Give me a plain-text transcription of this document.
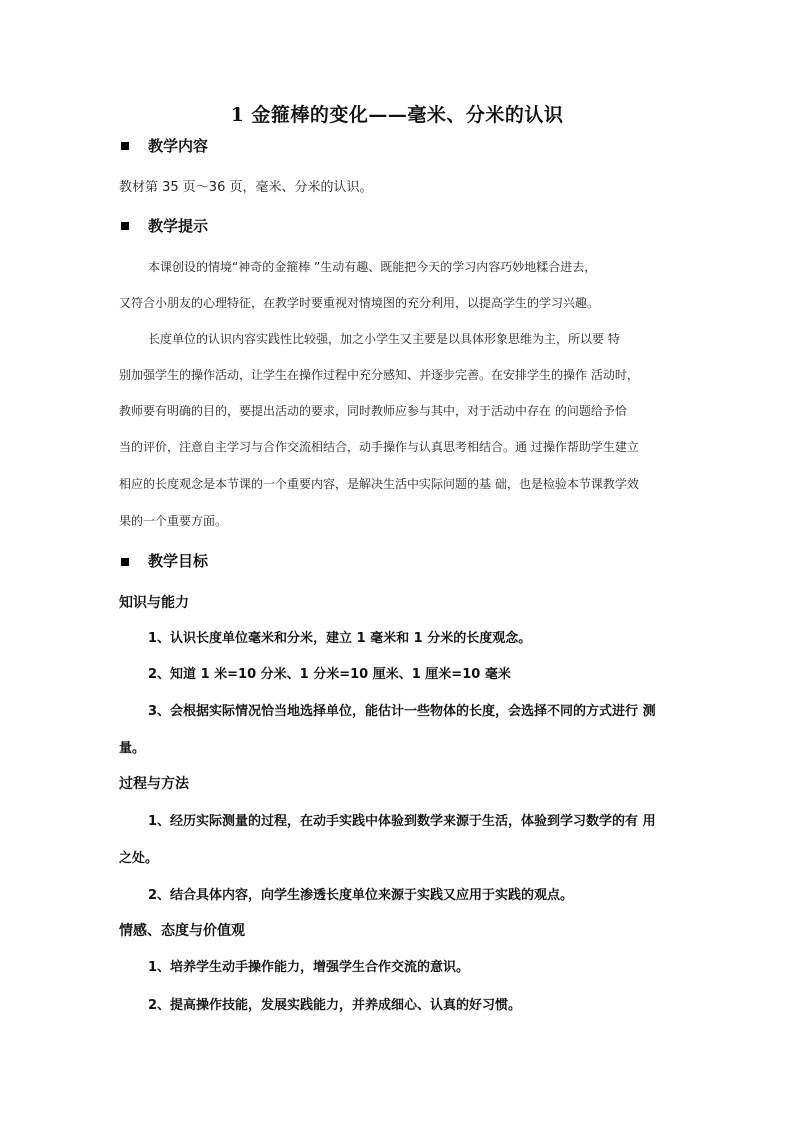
1 金箍棒的变化——毫米、分米的认识
教学内容
教材第 35 页～36 页，毫米、分米的认识。
教学提示
本课创设的情境“神奇的金箍棒 ”生动有趣、既能把今天的学习内容巧妙地糅合进去，
又符合小朋友的心理特征，在教学时要重视对情境图的充分利用，以提高学生的学习兴趣。
长度单位的认识内容实践性比较强，加之小学生又主要是以具体形象思维为主，所以要 特
别加强学生的操作活动，让学生在操作过程中充分感知、并逐步完善。在安排学生的操作 活动时，
教师要有明确的目的，要提出活动的要求，同时教师应参与其中，对于活动中存在 的问题给予恰
当的评价，注意自主学习与合作交流相结合，动手操作与认真思考相结合。通 过操作帮助学生建立
相应的长度观念是本节课的一个重要内容，是解决生活中实际问题的基 础，也是检验本节课教学效
果的一个重要方面。
教学目标
知识与能力
1、认识长度单位毫米和分米，建立 1 毫米和 1 分米的长度观念。
2、知道 1 米=10 分米、1 分米=10 厘米、1 厘米=10 毫米
3、会根据实际情况恰当地选择单位，能估计一些物体的长度，会选择不同的方式进行 测
量。
过程与方法
1、经历实际测量的过程，在动手实践中体验到数学来源于生活，体验到学习数学的有 用
之处。
2、结合具体内容，向学生渗透长度单位来源于实践又应用于实践的观点。
情感、态度与价值观
1、培养学生动手操作能力，增强学生合作交流的意识。
2、提高操作技能，发展实践能力，并养成细心、认真的好习惯。
